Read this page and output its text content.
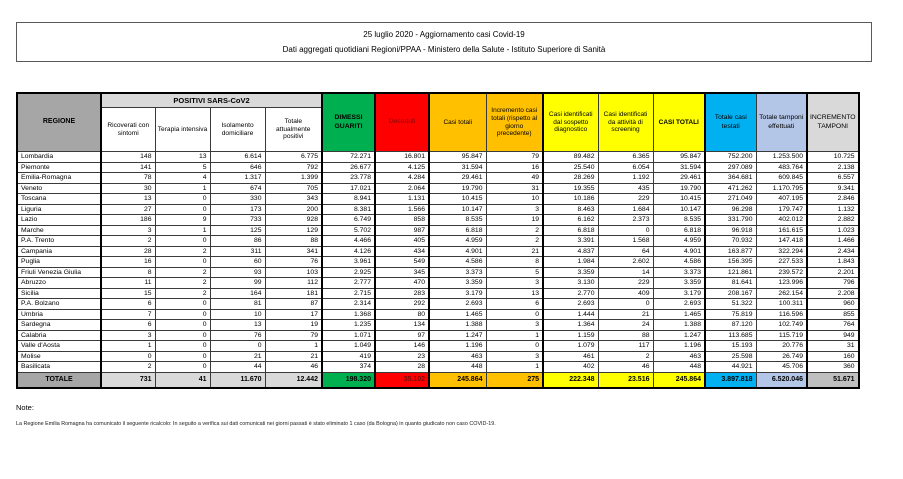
25 luglio 2020 - Aggiornamento casi Covid-19
Dati aggregati quotidiani Regioni/PPAA - Ministero della Salute - Istituto Superiore di Sanità
REGIONE	POSITIVI SARS-CoV2				DIMESSI GUARITI	Deceduti	Casi totali	Incremento casi totali (rispetto al giorno precedente)	Casi identificati dal sospetto diagnostico	Casi identificati da attività di screening	CASI TOTALI	Totale casi testati	Totale tamponi effettuati	INCREMENTO TAMPONI
	Ricoverati con sintomi	Terapia intensiva	Isolamento domiciliare	Totale attualmente positivi										
Lombardia	148	13	6.614	6.775	72.271	16.801	95.847	79	89.482	6.365	95.847	752.200	1.253.500	10.725
Piemonte	141	5	646	792	26.677	4.125	31.594	16	25.540	6.054	31.594	297.089	483.764	2.138
Emilia-Romagna	78	4	1.317	1.399	23.778	4.284	29.461	49	28.269	1.192	29.461	364.681	609.845	6.557
Veneto	30	1	674	705	17.021	2.064	19.790	31	19.355	435	19.790	471.262	1.170.795	9.341
Toscana	13	0	330	343	8.941	1.131	10.415	10	10.186	229	10.415	271.049	407.195	2.846
Liguria	27	0	173	200	8.381	1.566	10.147	3	8.463	1.684	10.147	96.298	179.747	1.132
Lazio	186	9	733	928	6.749	858	8.535	19	6.162	2.373	8.535	331.790	402.012	2.882
Marche	3	1	125	129	5.702	987	6.818	2	6.818	0	6.818	96.918	161.615	1.023
P.A. Trento	2	0	86	88	4.466	405	4.959	2	3.391	1.568	4.959	70.932	147.418	1.466
Campania	28	2	311	341	4.126	434	4.901	21	4.837	64	4.901	163.877	322.294	2.434
Puglia	16	0	60	76	3.961	549	4.586	8	1.984	2.602	4.586	156.395	227.533	1.843
Friuli Venezia Giulia	8	2	93	103	2.925	345	3.373	5	3.359	14	3.373	121.861	239.572	2.201
Abruzzo	11	2	99	112	2.777	470	3.359	3	3.130	229	3.359	81.641	123.996	796
Sicilia	15	2	164	181	2.715	283	3.179	13	2.770	409	3.179	208.167	262.154	2.208
P.A. Bolzano	6	0	81	87	2.314	292	2.693	6	2.693	0	2.693	51.322	100.311	960
Umbria	7	0	10	17	1.368	80	1.465	0	1.444	21	1.465	75.819	116.596	855
Sardegna	6	0	13	19	1.235	134	1.388	3	1.364	24	1.388	87.120	102.749	764
Calabria	3	0	76	79	1.071	97	1.247	1	1.159	88	1.247	113.685	115.719	949
Valle d'Aosta	1	0	0	1	1.049	146	1.196	0	1.079	117	1.196	15.193	20.776	31
Molise	0	0	21	21	419	23	463	3	461	2	463	25.598	26.749	160
Basilicata	2	0	44	46	374	28	448	1	402	46	448	44.921	45.706	360
TOTALE	731	41	11.670	12.442	198.320	35.102	245.864	275	222.348	23.516	245.864	3.897.818	6.520.046	51.671
Note:
La Regione Emilia Romagna ha comunicato il seguente ricalcolo: In seguito a verifica sui dati comunicati nei giorni passati è stato eliminato 1 caso (da Bologna) in quanto giudicato non caso COVID-19.
